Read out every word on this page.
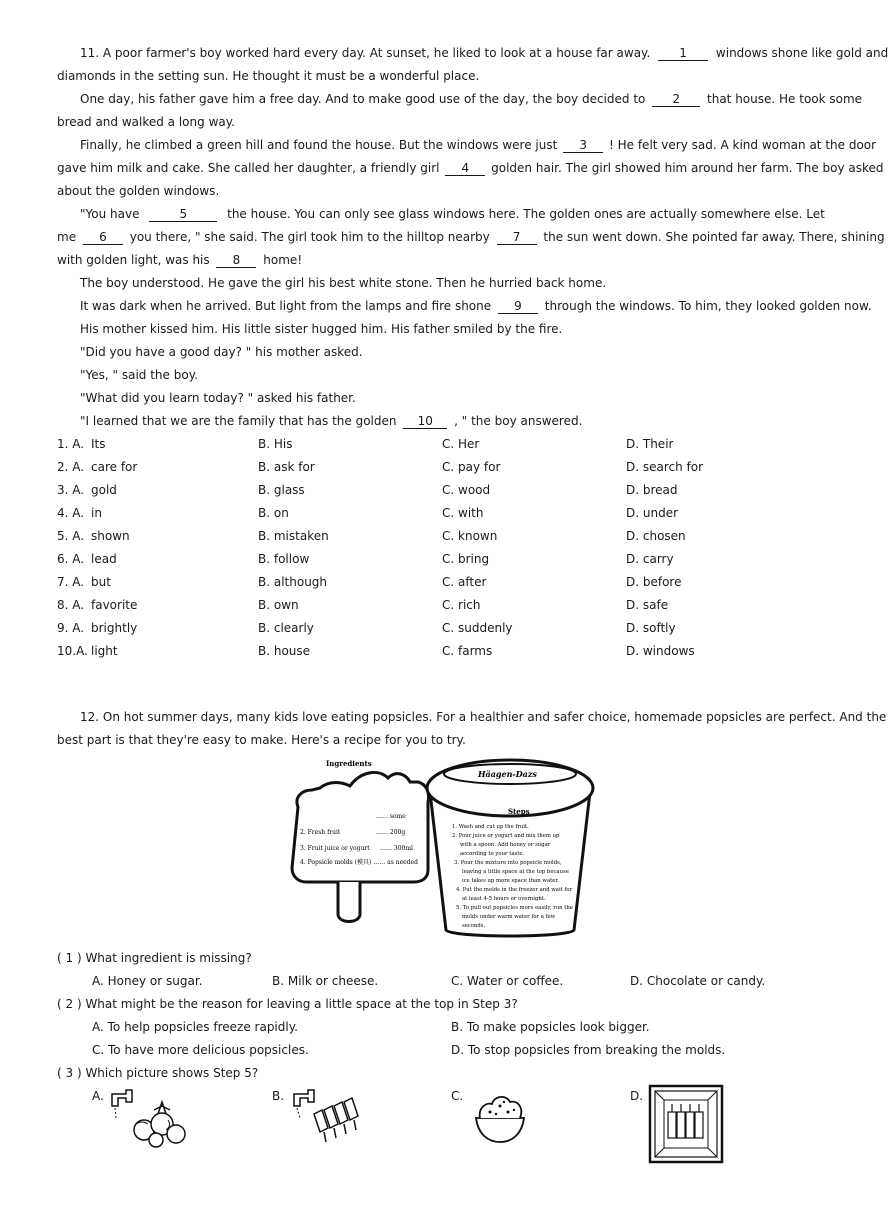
11. A poor farmer's boy worked hard every day. At sunset, he liked to look at a house far away. 1 windows shone like gold and
diamonds in the setting sun. He thought it must be a wonderful place.
One day, his father gave him a free day. And to make good use of the day, the boy decided to 2 that house. He took some
bread and walked a long way.
Finally, he climbed a green hill and found the house. But the windows were just 3 ! He felt very sad. A kind woman at the door
gave him milk and cake. She called her daughter, a friendly girl 4 golden hair. The girl showed him around her farm. The boy asked
about the golden windows.
"You have	5	the house. You can only see glass windows here. The golden ones are actually somewhere else. Let
me 6 you there, " she said. The girl took him to the hilltop nearby 7 the sun went down. She pointed far away. There, shining
with golden light, was his 8 home!
The boy understood. He gave the girl his best white stone. Then he hurried back home.
It was dark when he arrived. But light from the lamps and fire shone 9 through the windows. To him, they looked golden now.
His mother kissed him. His little sister hugged him. His father smiled by the fire.
"Did you have a good day? " his mother asked.
"Yes, " said the boy.
"What did you learn today? " asked his father.
"I learned that we are the family that has the golden 10 , " the boy answered.
1. A. Its	B. His	C. Her	D. Their
2. A. care for	B. ask for	C. pay for	D. search for
3. A. gold	B. glass	C. wood	D. bread
4. A. in	B. on	C. with	D. under
5. A. shown	B. mistaken	C. known	D. chosen
6. A. lead	B. follow	C. bring	D. carry
7. A. but	B. although	C. after	D. before
8. A. favorite	B. own	C. rich	D. safe
9. A. brightly	B. clearly	C. suddenly	D. softly
10.A. light	B. house	C. farms	D. windows
12. On hot summer days, many kids love eating popsicles. For a healthier and safer choice, homemade popsicles are perfect. And the
best part is that they're easy to make. Here's a recipe for you to try.
Ingredients
…… some
2. Fresh fruit	…… 200g
3. Fruit juice or yogurt …… 300ml
4. Popsicle molds (模具) …… as needed
Häagen-Dazs
Steps
1. Wash and cut up the fruit.
2. Pour juice or yogurt and mix them up
with a spoon. Add honey or sugar
according to your taste.
3. Pour the mixture into popsicle molds,
leaving a little space at the top because
ice takes up more space than water.
4. Put the molds in the freezer and wait for
at least 4-5 hours or overnight.
5. To pull out popsicles more easily, run the
molds under warm water for a few
seconds.
( 1 ) What ingredient is missing?
A. Honey or sugar.	B. Milk or cheese.	C. Water or coffee.	D. Chocolate or candy.
( 2 ) What might be the reason for leaving a little space at the top in Step 3?
A. To help popsicles freeze rapidly.	B. To make popsicles look bigger.
C. To have more delicious popsicles.	D. To stop popsicles from breaking the molds.
( 3 ) Which picture shows Step 5?
A.	B.	C.	D.
